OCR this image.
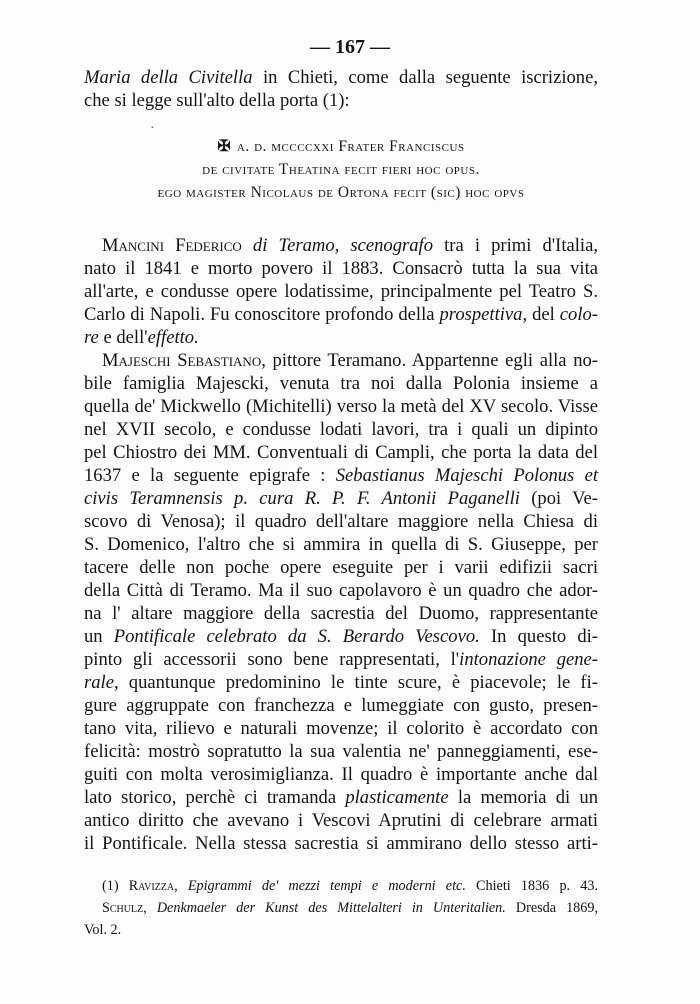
— 167 —
Maria della Civitella in Chieti, come dalla seguente iscrizione,
che si legge sull'alto della porta (1):
·
✠ a. d. mccccxxi Frater Franciscus
de civitate Theatina fecit fieri hoc opus.
ego magister Nicolaus de Ortona fecit (sic) hoc opvs
Mancini Federico di Teramo, scenografo tra i primi d'Italia,
nato il 1841 e morto povero il 1883. Consacrò tutta la sua vita
all'arte, e condusse opere lodatissime, principalmente pel Teatro S.
Carlo di Napoli. Fu conoscitore profondo della prospettiva, del colo-
re e dell'effetto.
Majeschi Sebastiano, pittore Teramano. Appartenne egli alla no-
bile famiglia Majescki, venuta tra noi dalla Polonia insieme a
quella de' Mickwello (Michitelli) verso la metà del XV secolo. Visse
nel XVII secolo, e condusse lodati lavori, tra i quali un dipinto
pel Chiostro dei MM. Conventuali di Campli, che porta la data del
1637 e la seguente epigrafe : Sebastianus Majeschi Polonus et
civis Teramnensis p. cura R. P. F. Antonii Paganelli (poi Ve-
scovo di Venosa); il quadro dell'altare maggiore nella Chiesa di
S. Domenico, l'altro che si ammira in quella di S. Giuseppe, per
tacere delle non poche opere eseguite per i varii edifizii sacri
della Città di Teramo. Ma il suo capolavoro è un quadro che ador-
na l' altare maggiore della sacrestia del Duomo, rappresentante
un Pontificale celebrato da S. Berardo Vescovo. In questo di-
pinto gli accessorii sono bene rappresentati, l'intonazione gene-
rale, quantunque predominino le tinte scure, è piacevole; le fi-
gure aggruppate con franchezza e lumeggiate con gusto, presen-
tano vita, rilievo e naturali movenze; il colorito è accordato con
felicità: mostrò sopratutto la sua valentia ne' panneggiamenti, ese-
guiti con molta verosimiglianza. Il quadro è importante anche dal
lato storico, perchè ci tramanda plasticamente la memoria di un
antico diritto che avevano i Vescovi Aprutini di celebrare armati
il Pontificale. Nella stessa sacrestia si ammirano dello stesso arti-
(1) Ravizza, Epigrammi de' mezzi tempi e moderni etc. Chieti 1836 p. 43.
Schulz, Denkmaeler der Kunst des Mittelalteri in Unteritalien. Dresda 1869,
Vol. 2.
